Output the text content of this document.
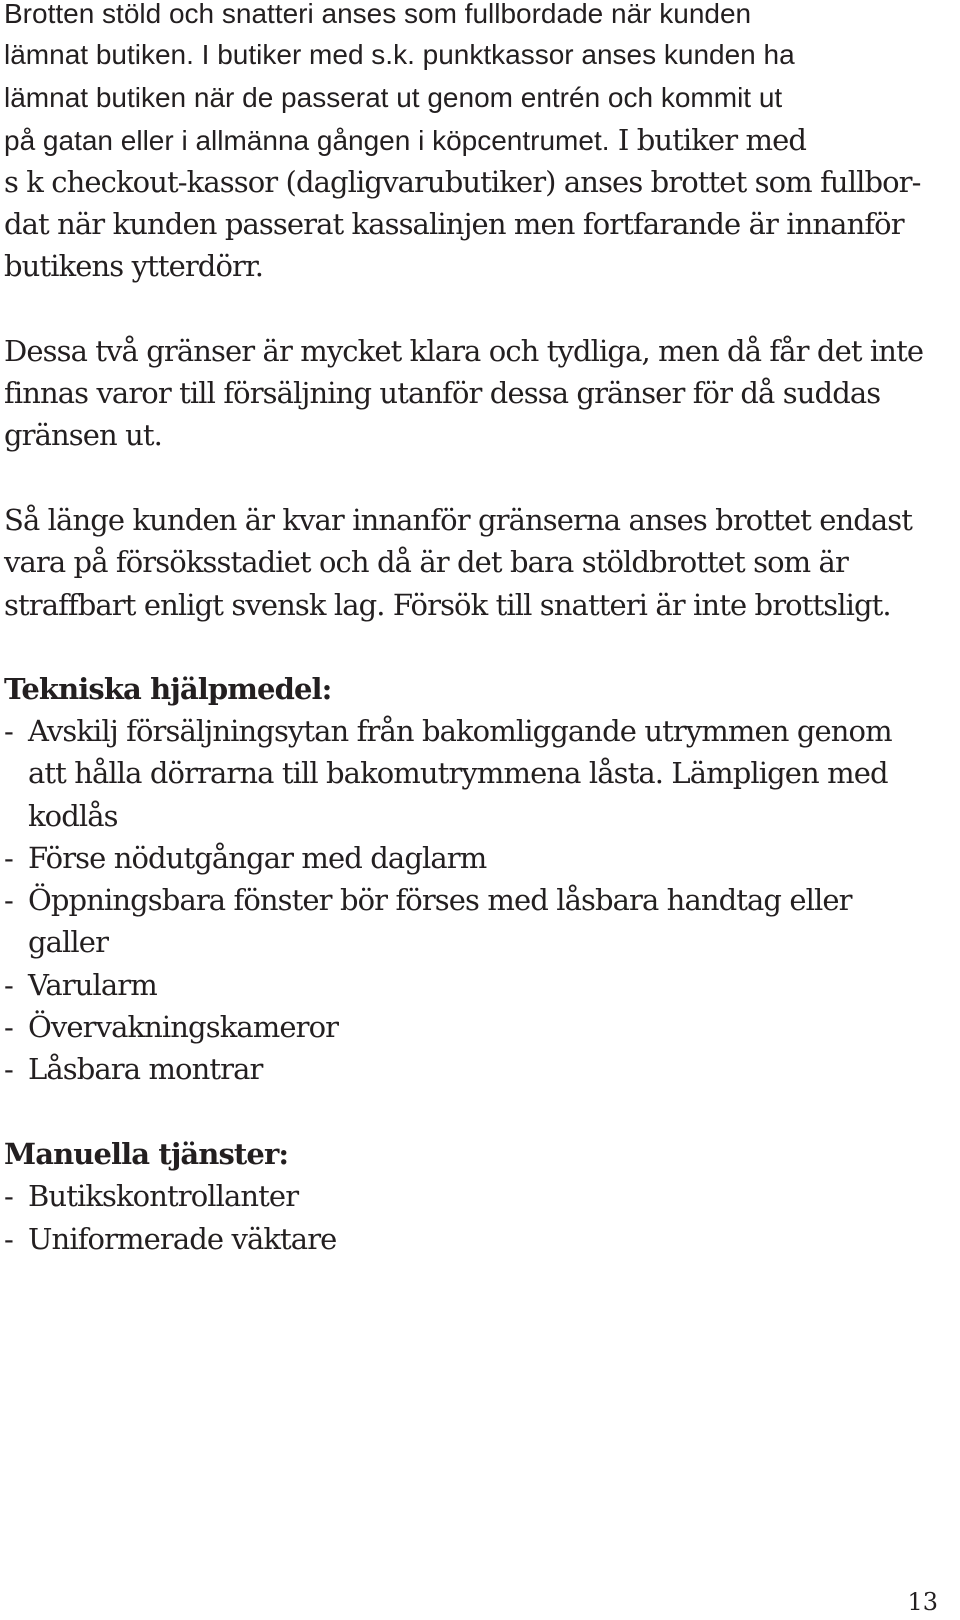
Brotten stöld och snatteri anses som fullbordade när kunden
lämnat butiken. I butiker med s.k. punktkassor anses kunden ha
lämnat butiken när de passerat ut genom entrén och kommit ut
på gatan eller i allmänna gången i köpcentrumet. I butiker med
s k checkout-kassor (dagligvarubutiker) anses brottet som fullbor-
dat när kunden passerat kassalinjen men fortfarande är innanför
butikens ytterdörr.
Dessa två gränser är mycket klara och tydliga, men då får det inte
finnas varor till försäljning utanför dessa gränser för då suddas
gränsen ut.
Så länge kunden är kvar innanför gränserna anses brottet endast
vara på försöksstadiet och då är det bara stöldbrottet som är
straffbart enligt svensk lag. Försök till snatteri är inte brottsligt.
Tekniska hjälpmedel:
- Avskilj försäljningsytan från bakomliggande utrymmen genom
att hålla dörrarna till bakomutrymmena låsta. Lämpligen med
kodlås
- Förse nödutgångar med daglarm
- Öppningsbara fönster bör förses med låsbara handtag eller
galler
- Varularm
- Övervakningskameror
- Låsbara montrar
Manuella tjänster:
- Butikskontrollanter
- Uniformerade väktare
13
